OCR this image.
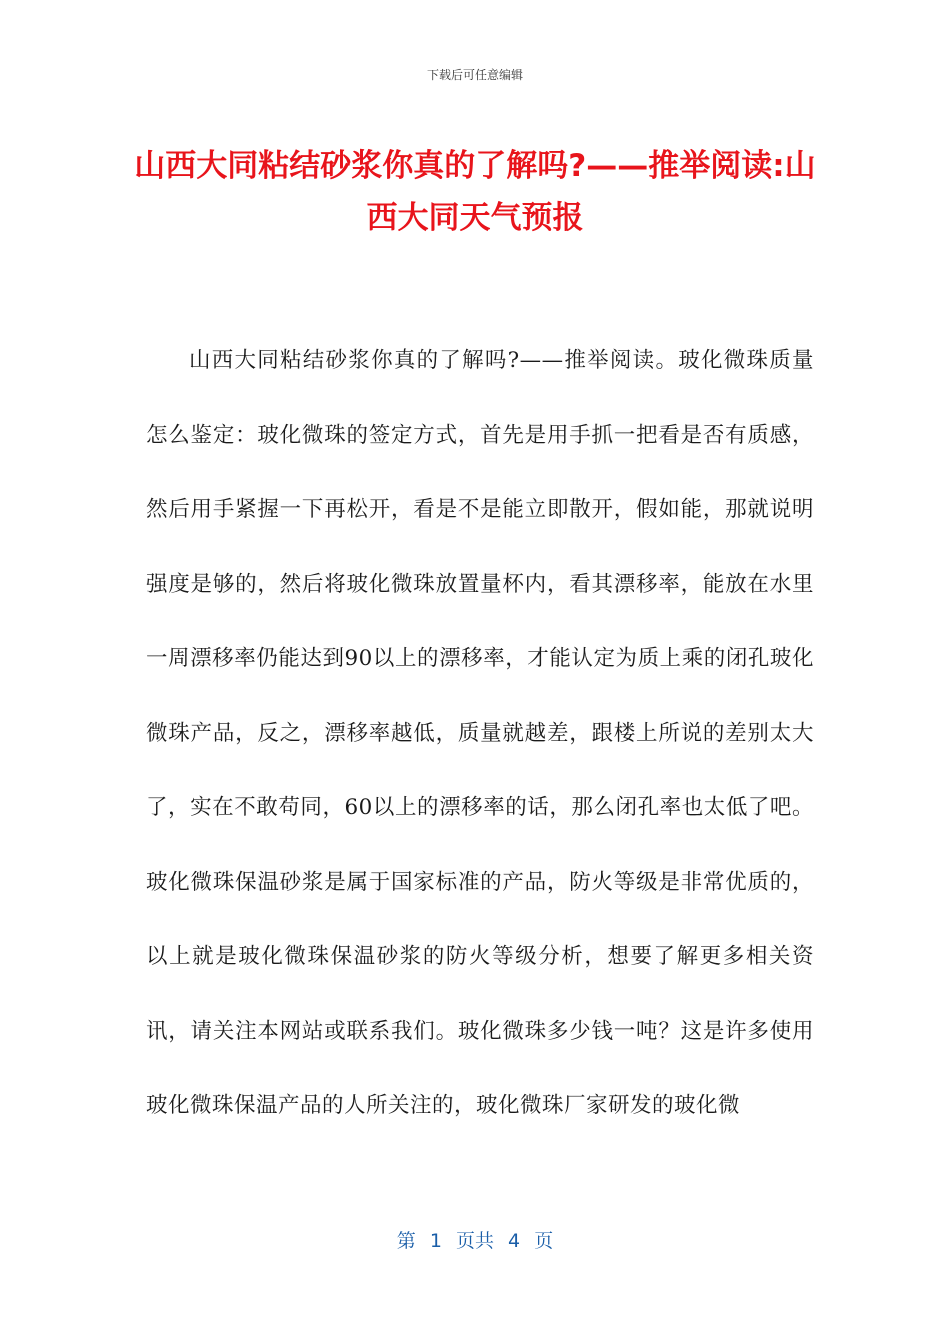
下载后可任意编辑
山西大同粘结砂浆你真的了解吗?——推举阅读:山西大同天气预报

山西大同粘结砂浆你真的了解吗?——推举阅读。玻化微珠质量怎么鉴定：玻化微珠的签定方式，首先是用手抓一把看是否有质感，然后用手紧握一下再松开，看是不是能立即散开，假如能，那就说明强度是够的，然后将玻化微珠放置量杯内，看其漂移率，能放在水里一周漂移率仍能达到90以上的漂移率，才能认定为质上乘的闭孔玻化微珠产品，反之，漂移率越低，质量就越差，跟楼上所说的差别太大了，实在不敢苟同，60以上的漂移率的话，那么闭孔率也太低了吧。玻化微珠保温砂浆是属于国家标准的产品，防火等级是非常优质的，以上就是玻化微珠保温砂浆的防火等级分析，想要了解更多相关资讯，请关注本网站或联系我们。玻化微珠多少钱一吨？这是许多使用玻化微珠保温产品的人所关注的，玻化微珠厂家研发的玻化微

第 1 页共 4 页
